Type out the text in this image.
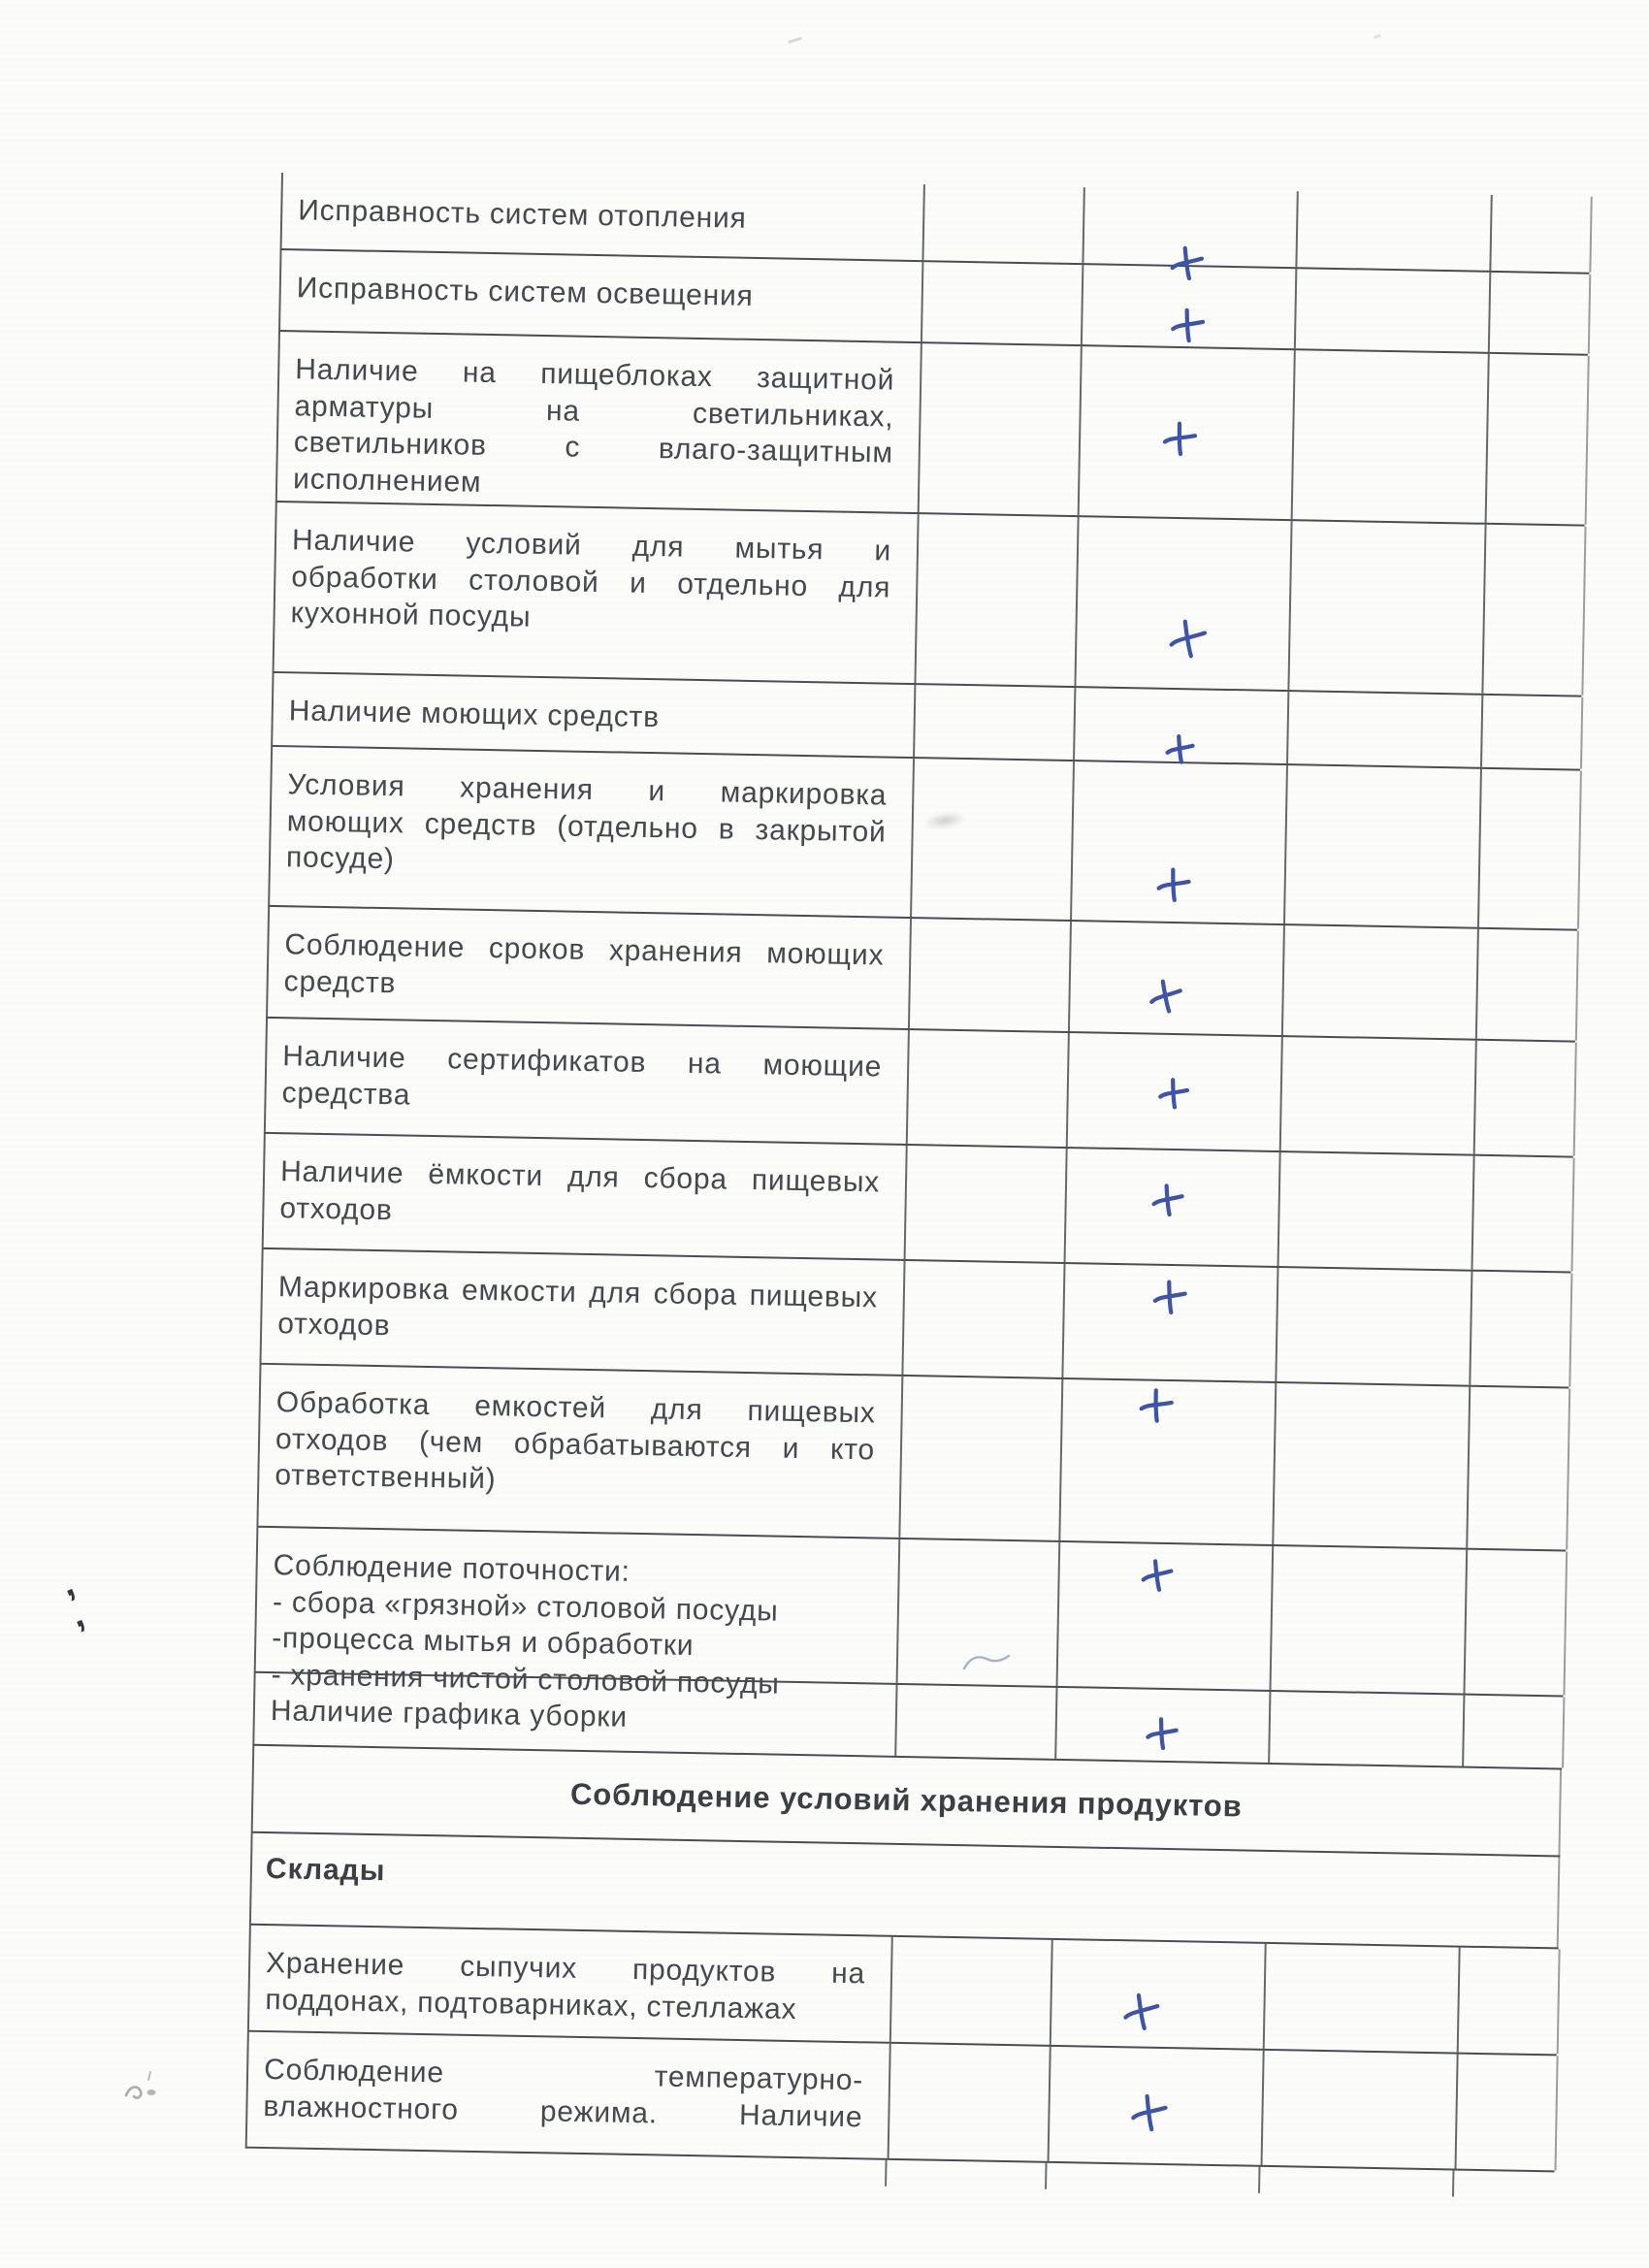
Исправность систем отопления
Исправность систем освещения
Наличие на пищеблоках защитной
арматуры на светильниках,
светильников с влаго-защитным
исполнением
Наличие условий для мытья и
обработки столовой и отдельно для
кухонной посуды
Наличие моющих средств
Условия хранения и маркировка
моющих средств (отдельно в закрытой
посуде)
Соблюдение сроков хранения моющих
средств
Наличие сертификатов на моющие
средства
Наличие ёмкости для сбора пищевых
отходов
Маркировка емкости для сбора пищевых
отходов
Обработка емкостей для пищевых
отходов (чем обрабатываются и кто
ответственный)
Соблюдение поточности:
- сбора «грязной» столовой посуды
-процесса мытья и обработки
- хранения чистой столовой посуды
Наличие графика уборки
Соблюдение условий хранения продуктов
Склады
Хранение сыпучих продуктов на
поддонах, подтоварниках, стеллажах
Соблюдение температурно-
влажностного режима. Наличие
,
,
